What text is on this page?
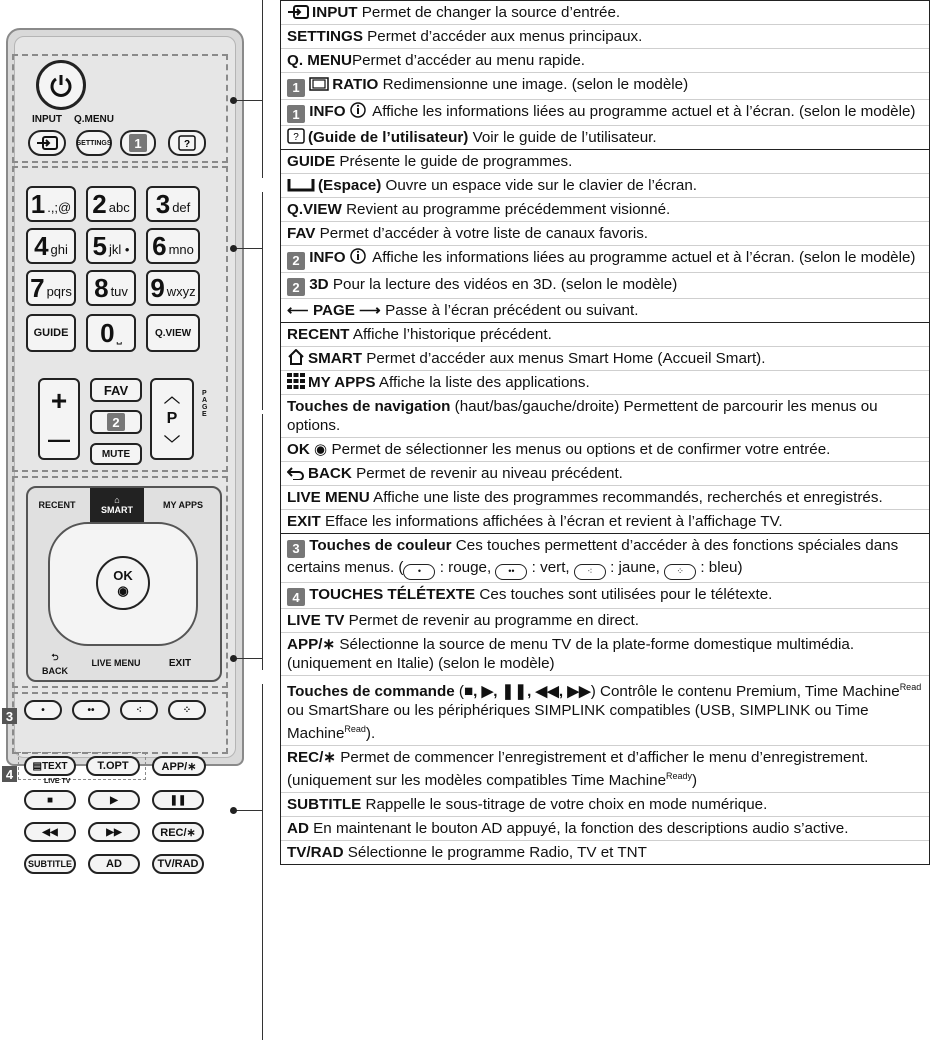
INPUT Q.MENU
SETTINGS	1	?
GUIDE 0 ⎵	Q.VIEW
+
—
FAV
2
MUTE
︿
P
﹀
PAGE
RECENT	⌂
SMART	MY APPS
OK
◉
⮌
BACK
LIVE MENU	EXIT
3	•	••	⁖	⁘
4
▤ TEXT	T.OPT	APP/∗
LIVE TV
■	▶	❚❚
◀◀	▶▶	REC/∗
SUBTITLE	AD	TV/RAD
INPUT Permet de changer la source d’entrée.
SETTINGS Permet d’accéder aux menus principaux.
Q. MENUPermet d’accéder au menu rapide.
1 RATIO Redimensionne une image. (selon le modèle)
1 INFO  Affiche les informations liées au programme actuel et à l’écran. (selon le modèle)
? (Guide de l’utilisateur) Voir le guide de l’utilisateur.
GUIDE Présente le guide de programmes.
(Espace) Ouvre un espace vide sur le clavier de l’écran.
Q.VIEW Revient au programme précédemment visionné.
FAV Permet d’accéder à votre liste de canaux favoris.
2 INFO  Affiche les informations liées au programme actuel et à l’écran. (selon le modèle)
2 3D Pour la lecture des vidéos en 3D. (selon le modèle)
⟵ PAGE ⟶ Passe à l’écran précédent ou suivant.
RECENT Affiche l’historique précédent.
SMART Permet d’accéder aux menus Smart Home (Accueil Smart).
MY APPS Affiche la liste des applications.
Touches de navigation (haut/bas/gauche/droite) Permettent de parcourir les menus ou options.
OK ◉ Permet de sélectionner les menus ou options et de confirmer votre entrée.
BACK Permet de revenir au niveau précédent.
LIVE MENU Affiche une liste des programmes recommandés, recherchés et enregistrés.
EXIT Efface les informations affichées à l’écran et revient à l’affichage TV.
3 Touches de couleur Ces touches permettent d’accéder à des fonctions spéciales dans certains menus. ( • : rouge, •• : vert, ⁖ : jaune, ⁘ : bleu)
4 TOUCHES TÉLÉTEXTE Ces touches sont utilisées pour le télétexte.
LIVE TV Permet de revenir au programme en direct.
APP/∗ Sélectionne la source de menu TV de la plate-forme domestique multimédia. (uniquement en Italie) (selon le modèle)
Touches de commande (■, ▶, ❚❚, ◀◀, ▶▶) Contrôle le contenu Premium, Time Machine$^{Read}$ ou SmartShare ou les périphériques SIMPLINK compatibles (USB, SIMPLINK ou Time Machine$^{Read}$).
REC/∗ Permet de commencer l’enregistrement et d’afficher le menu d’enregistrement.(uniquement sur les modèles compatibles Time Machine$^{Ready}$)
SUBTITLE Rappelle le sous-titrage de votre choix en mode numérique.
AD En maintenant le bouton AD appuyé, la fonction des descriptions audio s’active.
TV/RAD Sélectionne le programme Radio, TV et TNT
1 .,;@ 2 abc 3 def
4 ghi 5 jkl • 6 mno
7 pqrs 8 tuv 9 wxyz
